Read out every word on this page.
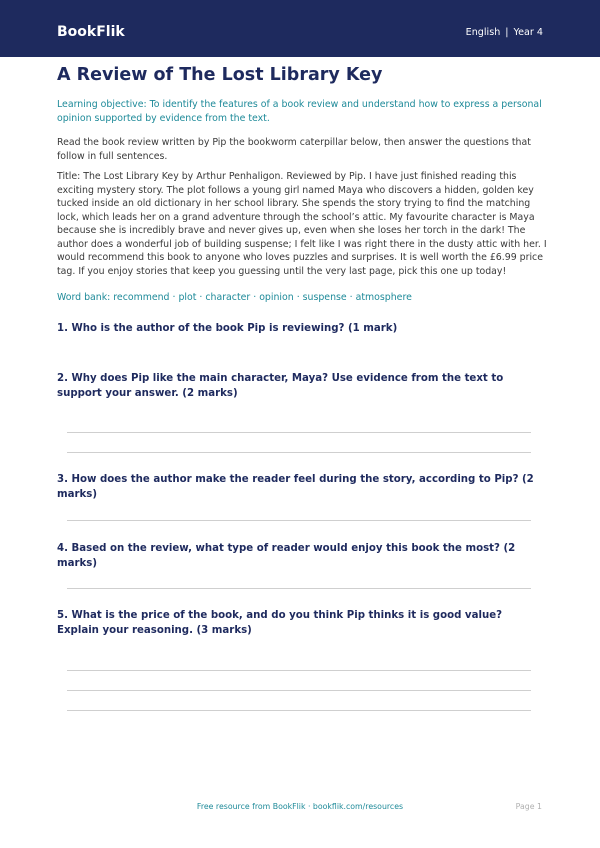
BookFlik	English | Year 4
A Review of The Lost Library Key

Learning objective: To identify the features of a book review and understand how to express a personal opinion supported by evidence from the text.

Read the book review written by Pip the bookworm caterpillar below, then answer the questions that follow in full sentences.

Title: The Lost Library Key by Arthur Penhaligon. Reviewed by Pip. I have just finished reading this exciting mystery story. The plot follows a young girl named Maya who discovers a hidden, golden key tucked inside an old dictionary in her school library. She spends the story trying to find the matching lock, which leads her on a grand adventure through the school’s attic. My favourite character is Maya because she is incredibly brave and never gives up, even when she loses her torch in the dark! The author does a wonderful job of building suspense; I felt like I was right there in the dusty attic with her. I would recommend this book to anyone who loves puzzles and surprises. It is well worth the £6.99 price tag. If you enjoy stories that keep you guessing until the very last page, pick this one up today!

Word bank: recommend · plot · character · opinion · suspense · atmosphere

1. Who is the author of the book Pip is reviewing? (1 mark)
2. Why does Pip like the main character, Maya? Use evidence from the text to support your answer. (2 marks)
3. How does the author make the reader feel during the story, according to Pip? (2 marks)
4. Based on the review, what type of reader would enjoy this book the most? (2 marks)
5. What is the price of the book, and do you think Pip thinks it is good value? Explain your reasoning. (3 marks)
Free resource from BookFlik · bookflik.com/resources	Page 1
